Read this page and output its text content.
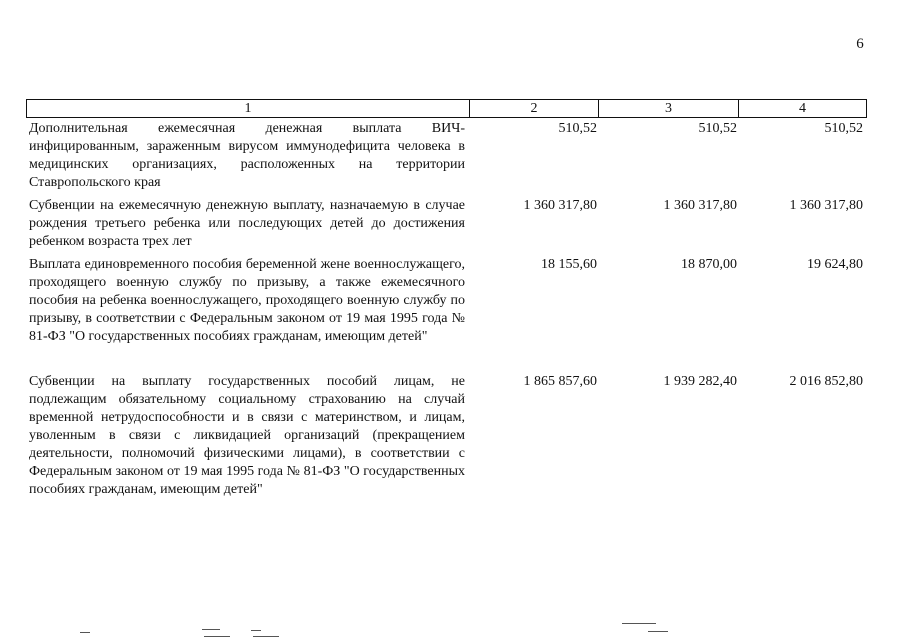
6
1	2	3	4
Дополнительная ежемесячная денежная выплата ВИЧ-инфицированным, зараженным вирусом иммунодефицита человека в медицинских организациях, расположенных на территории Ставропольского края
510,52	510,52	510,52
Субвенции на ежемесячную денежную выплату, назначаемую в случае рождения третьего ребенка или последующих детей до достижения ребенком возраста трех лет
1 360 317,80	1 360 317,80	1 360 317,80
Выплата единовременного пособия беременной жене военнослужащего, проходящего военную службу по призыву, а также ежемесячного пособия на ребенка военнослужащего, проходящего военную службу по призыву, в соответствии с Федеральным законом от 19 мая 1995 года № 81-ФЗ "О государственных пособиях гражданам, имеющим детей"
18 155,60	18 870,00	19 624,80
Субвенции на выплату государственных пособий лицам, не подлежащим обязательному социальному страхованию на случай временной нетрудоспособности и в связи с материнством, и лицам, уволенным в связи с ликвидацией организаций (прекращением деятельности, полномочий физическими лицами), в соответствии с Федеральным законом от 19 мая 1995 года № 81-ФЗ "О государственных пособиях гражданам, имеющим детей"
1 865 857,60	1 939 282,40	2 016 852,80
